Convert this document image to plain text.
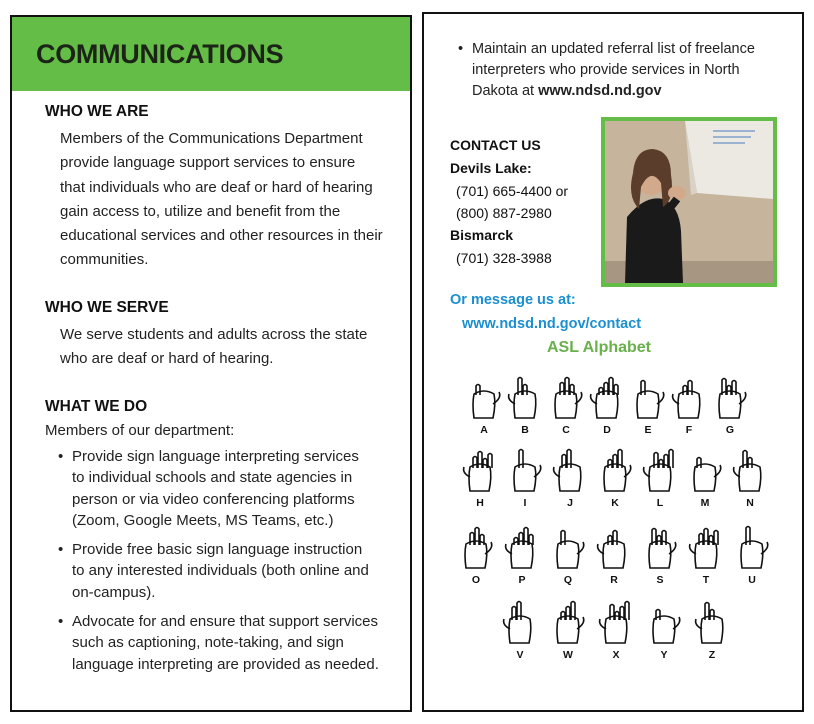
COMMUNICATIONS
WHO WE ARE
Members of the Communications Department
provide language support services to ensure
that individuals who are deaf or hard of hearing
gain access to, utilize and benefit from the
educational services and other resources in their
communities.
WHO WE SERVE
We serve students and adults across the state
who are deaf or hard of hearing.
WHAT WE DO

Members of our department:

• Provide sign language interpreting services
to individual schools and state agencies in
person or via video conferencing platforms
(Zoom, Google Meets, MS Teams, etc.)
• Provide free basic sign language instruction
to any interested individuals (both online and
on-campus).
• Advocate for and ensure that support services
such as captioning, note-taking, and sign
language interpreting are provided as needed.
• Maintain an updated referral list of freelance
interpreters who provide services in North
Dakota at www.ndsd.nd.gov

CONTACT US

Devils Lake:

(701) 665-4400 or

(800) 887-2980

Bismarck

(701) 328-3988

Or message us at:

www.ndsd.nd.gov/contact

ASL Alphabet

A	B	C	D	E	F	G
H	I	J	K	L	M	N
O	P	Q	R	S	T	U
V	W	X	Y	Z
